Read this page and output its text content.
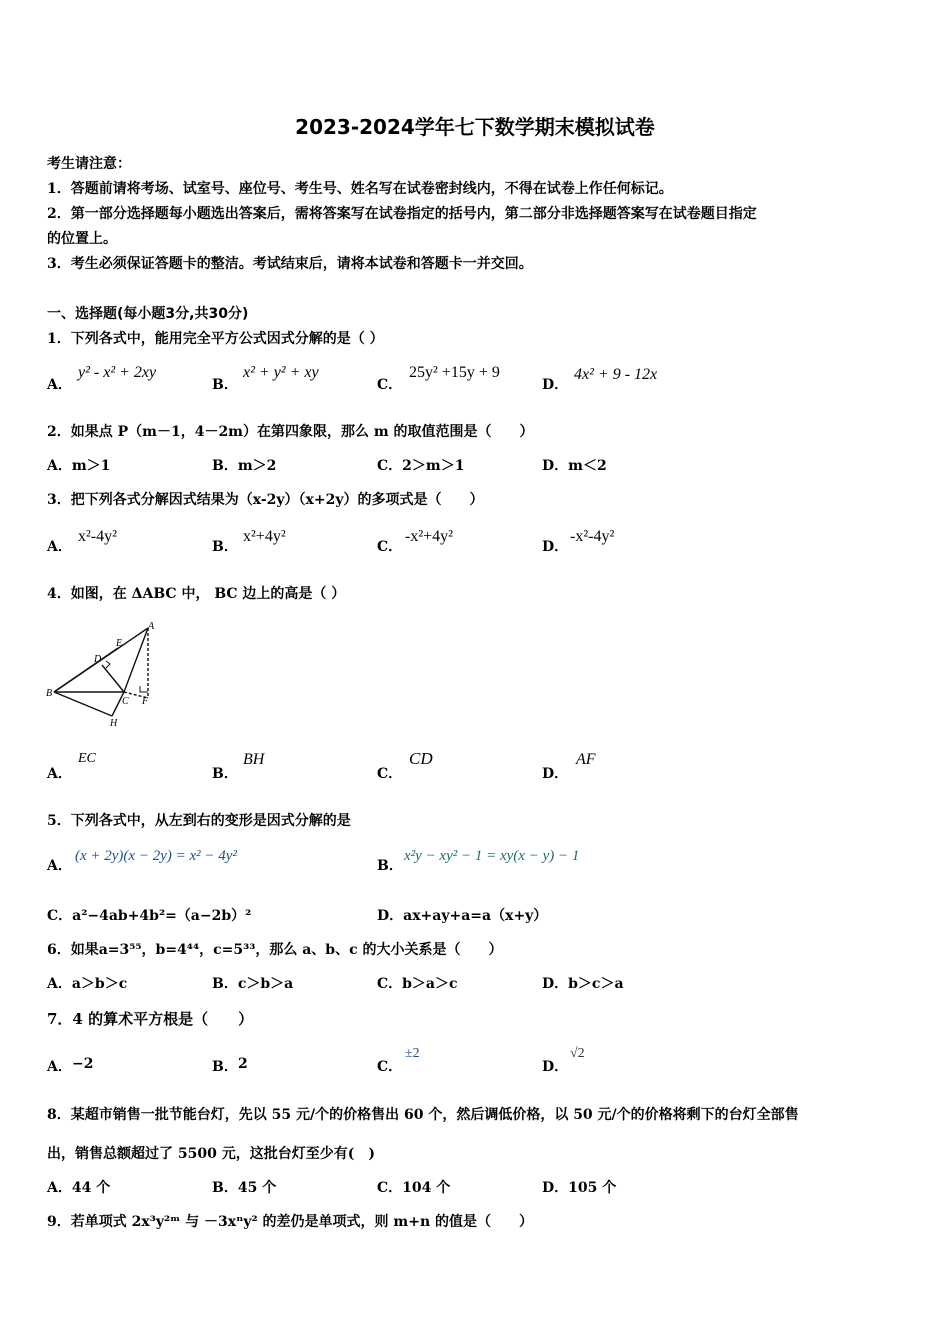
2023-2024学年七下数学期末模拟试卷
考生请注意：
1．答题前请将考场、试室号、座位号、考生号、姓名写在试卷密封线内，不得在试卷上作任何标记。
2．第一部分选择题每小题选出答案后，需将答案写在试卷指定的括号内，第二部分非选择题答案写在试卷题目指定
的位置上。
3．考生必须保证答题卡的整洁。考试结束后，请将本试卷和答题卡一并交回。
一、选择题(每小题3分,共30分)
1．下列各式中，能用完全平方公式因式分解的是（ ）
A．
y² - x² + 2xy
B．
x² + y² + xy
C．
25y² +15y + 9
D．
4x² + 9 - 12x
2．如果点 P（m－1，4－2m）在第四象限，那么 m 的取值范围是（　　）
A．m＞1	B．m＞2	C．2＞m＞1	D．m＜2
3．把下列各式分解因式结果为（x-2y）（x+2y）的多项式是（　　）
A．
x²-4y²
B．
x²+4y²
C．
-x²+4y²
D．
-x²-4y²
4．如图，在 ΔABC 中， BC 边上的高是（ ）
A
B
C
D
E
F
H
A．
EC
B．
BH
C．
CD
D．
AF
5．下列各式中，从左到右的变形是因式分解的是
A．
(x + 2y)(x − 2y) = x² − 4y²
B．
x²y − xy² − 1 = xy(x − y) − 1
C．a²−4ab+4b²=（a−2b）²	D．ax+ay+a=a（x+y）
6．如果a=3⁵⁵，b=4⁴⁴，c=5³³，那么 a、b、c 的大小关系是（　　）
A．a＞b＞c	B．c＞b＞a	C．b＞a＞c	D．b＞c＞a
7．4 的算术平方根是（　　）
A． −2	B． 2	C．
±2
D．
√2
8．某超市销售一批节能台灯，先以 55 元/个的价格售出 60 个，然后调低价格，以 50 元/个的价格将剩下的台灯全部售
出，销售总额超过了 5500 元，这批台灯至少有(　)
A．44 个	B．45 个	C．104 个	D．105 个
9．若单项式 2x³y²ᵐ 与 －3xⁿy² 的差仍是单项式，则 m+n 的值是（　　）
